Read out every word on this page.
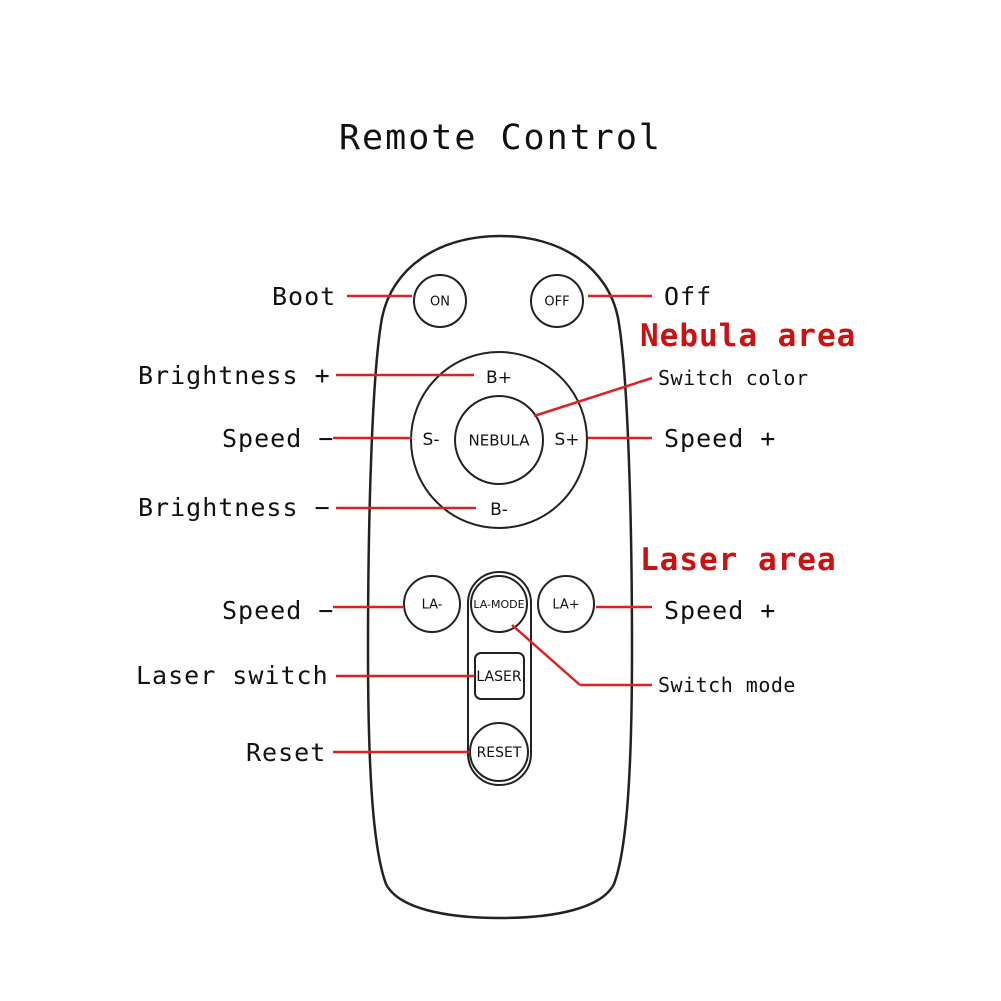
Remote Control
ON	OFF
NEBULA
B+
S-	S+
B-
LA-	LA+
LA-MODE
LASER
RESET
Boot
Brightness +
Speed −
Brightness −
Speed −
Laser switch
Reset
Off
Switch color
Speed +
Speed +
Switch mode
Nebula area
Laser area
